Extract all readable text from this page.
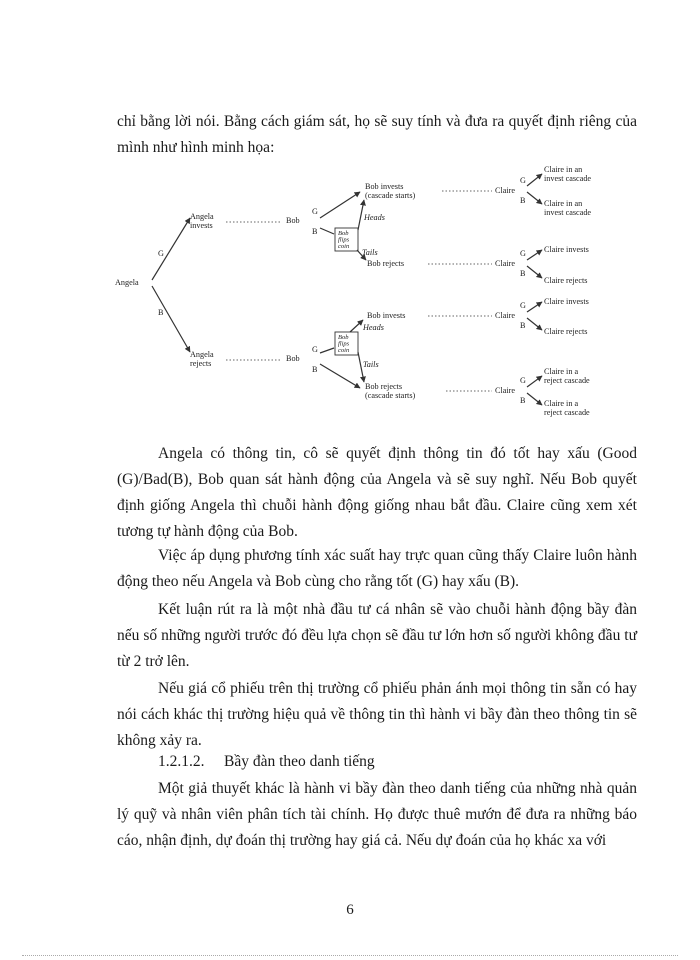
chỉ bằng lời nói. Bằng cách giám sát, họ sẽ suy tính và đưa ra quyết định riêng của mình như hình minh họa:

Angela
G
B
Angela invests
Angela rejects
Bob
Bob
G
B	Bob flips coin
Heads
Tails
Bob invests (cascade starts)
Bob rejects
G
B
Bob flips coin
Heads
Tails
Bob invests
Bob rejects (cascade starts)
Claire
Claire
Claire
Claire
G
B
Claire in an invest cascade
Claire in an invest cascade
G
B
Claire invests
Claire rejects
G
B
Claire invests
Claire rejects
G
B
Claire in a reject cascade
Claire in a reject cascade

Angela có thông tin, cô sẽ quyết định thông tin đó tốt hay xấu (Good (G)/Bad(B), Bob quan sát hành động của Angela và sẽ suy nghĩ. Nếu Bob quyết định giống Angela thì chuỗi hành động giống nhau bắt đầu. Claire cũng xem xét tương tự hành động của Bob.

Việc áp dụng phương tính xác suất hay trực quan cũng thấy Claire luôn hành động theo nếu Angela và Bob cùng cho rằng tốt (G) hay xấu (B).

Kết luận rút ra là một nhà đầu tư cá nhân sẽ vào chuỗi hành động bầy đàn nếu số những người trước đó đều lựa chọn sẽ đầu tư lớn hơn số người không đầu tư từ 2 trở lên.

Nếu giá cổ phiếu trên thị trường cổ phiếu phản ánh mọi thông tin sẵn có hay nói cách khác thị trường hiệu quả về thông tin thì hành vi bầy đàn theo thông tin sẽ không xảy ra.

1.2.1.2. Bầy đàn theo danh tiếng

Một giả thuyết khác là hành vi bầy đàn theo danh tiếng của những nhà quản lý quỹ và nhân viên phân tích tài chính. Họ được thuê mướn để đưa ra những báo cáo, nhận định, dự đoán thị trường hay giá cả. Nếu dự đoán của họ khác xa với

6
